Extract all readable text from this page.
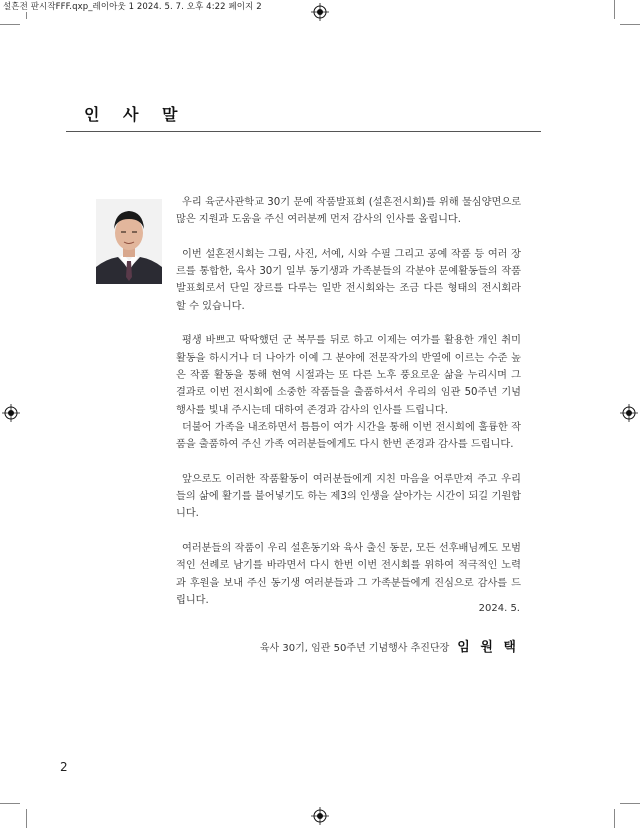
설흔전 판시작FFF.qxp_레이아웃 1 2024. 5. 7. 오후 4:22 페이지 2
인 사 말

우리 육군사관학교 30기 문예 작품발표회 (설흔전시회)를 위해 물심양면으로 많은 지원과 도움을 주신 여러분께 먼저 감사의 인사를 올립니다.

이번 설흔전시회는 그림, 사진, 서예, 시와 수필 그리고 공예 작품 등 여러 장르를 통합한, 육사 30기 일부 동기생과 가족분들의 각분야 문예활동들의 작품 발표회로서 단일 장르를 다루는 일반 전시회와는 조금 다른 형태의 전시회라 할 수 있습니다.

평생 바쁘고 딱딱했던 군 복무를 뒤로 하고 이제는 여가를 활용한 개인 취미활동을 하시거나 더 나아가 이예 그 분야에 전문작가의 반열에 이르는 수준 높은 작품 활동을 통해 현역 시절과는 또 다른 노후 풍요로운 삶을 누리시며 그 결과로 이번 전시회에 소중한 작품들을 출품하셔서 우리의 임관 50주년 기념행사를 빛내 주시는데 대하여 존경과 감사의 인사를 드립니다.

더불어 가족을 내조하면서 틈틈이 여가 시간을 통해 이번 전시회에 훌륭한 작품을 출품하여 주신 가족 여러분들에게도 다시 한번 존경과 감사를 드립니다.

앞으로도 이러한 작품활동이 여러분들에게 지친 마음을 어루만져 주고 우리들의 삶에 활기를 불어넣기도 하는 제3의 인생을 살아가는 시간이 되길 기원합니다.

여러분들의 작품이 우리 설흔동기와 육사 출신 동문, 모든 선후배님께도 모범적인 선례로 남기를 바라면서 다시 한번 이번 전시회를 위하여 적극적인 노력과 후원을 보내 주신 동기생 여러분들과 그 가족분들에게 진심으로 감사를 드립니다.

2024. 5.
육사 30기, 임관 50주년 기념행사 추진단장 임 원 택
2
